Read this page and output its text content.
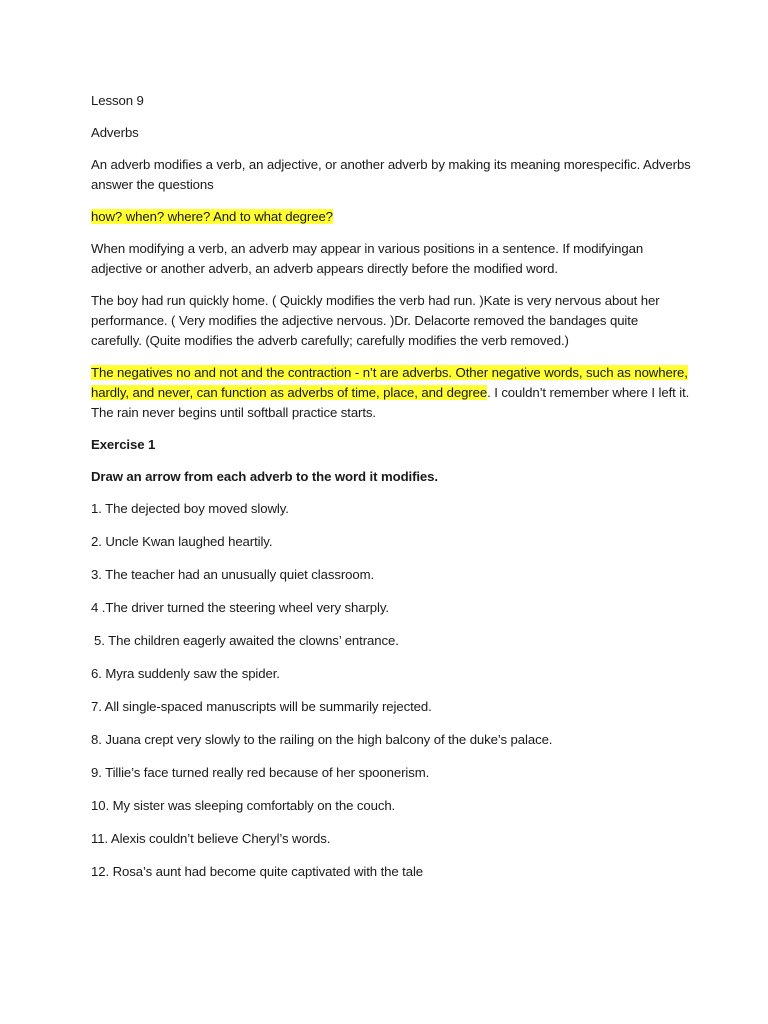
Lesson 9

Adverbs

An adverb modifies a verb, an adjective, or another adverb by making its meaning morespecific. Adverbs answer the questions

how? when? where? And to what degree?

When modifying a verb, an adverb may appear in various positions in a sentence. If modifyingan adjective or another adverb, an adverb appears directly before the modified word.

The boy had run quickly home. ( Quickly modifies the verb had run. )Kate is very nervous about her performance. ( Very modifies the adjective nervous. )Dr. Delacorte removed the bandages quite carefully. (Quite modifies the adverb carefully; carefully modifies the verb removed.)

The negatives no and not and the contraction - n’t are adverbs. Other negative words, such as nowhere, hardly, and never, can function as adverbs of time, place, and degree. I couldn’t remember where I left it. The rain never begins until softball practice starts.

Exercise 1

Draw an arrow from each adverb to the word it modifies.

1. The dejected boy moved slowly.
2. Uncle Kwan laughed heartily.
3. The teacher had an unusually quiet classroom.
4 .The driver turned the steering wheel very sharply.
5. The children eagerly awaited the clowns’ entrance.
6. Myra suddenly saw the spider.
7. All single-spaced manuscripts will be summarily rejected.
8. Juana crept very slowly to the railing on the high balcony of the duke’s palace.
9. Tillie’s face turned really red because of her spoonerism.
10. My sister was sleeping comfortably on the couch.
11. Alexis couldn’t believe Cheryl’s words.
12. Rosa’s aunt had become quite captivated with the tale
